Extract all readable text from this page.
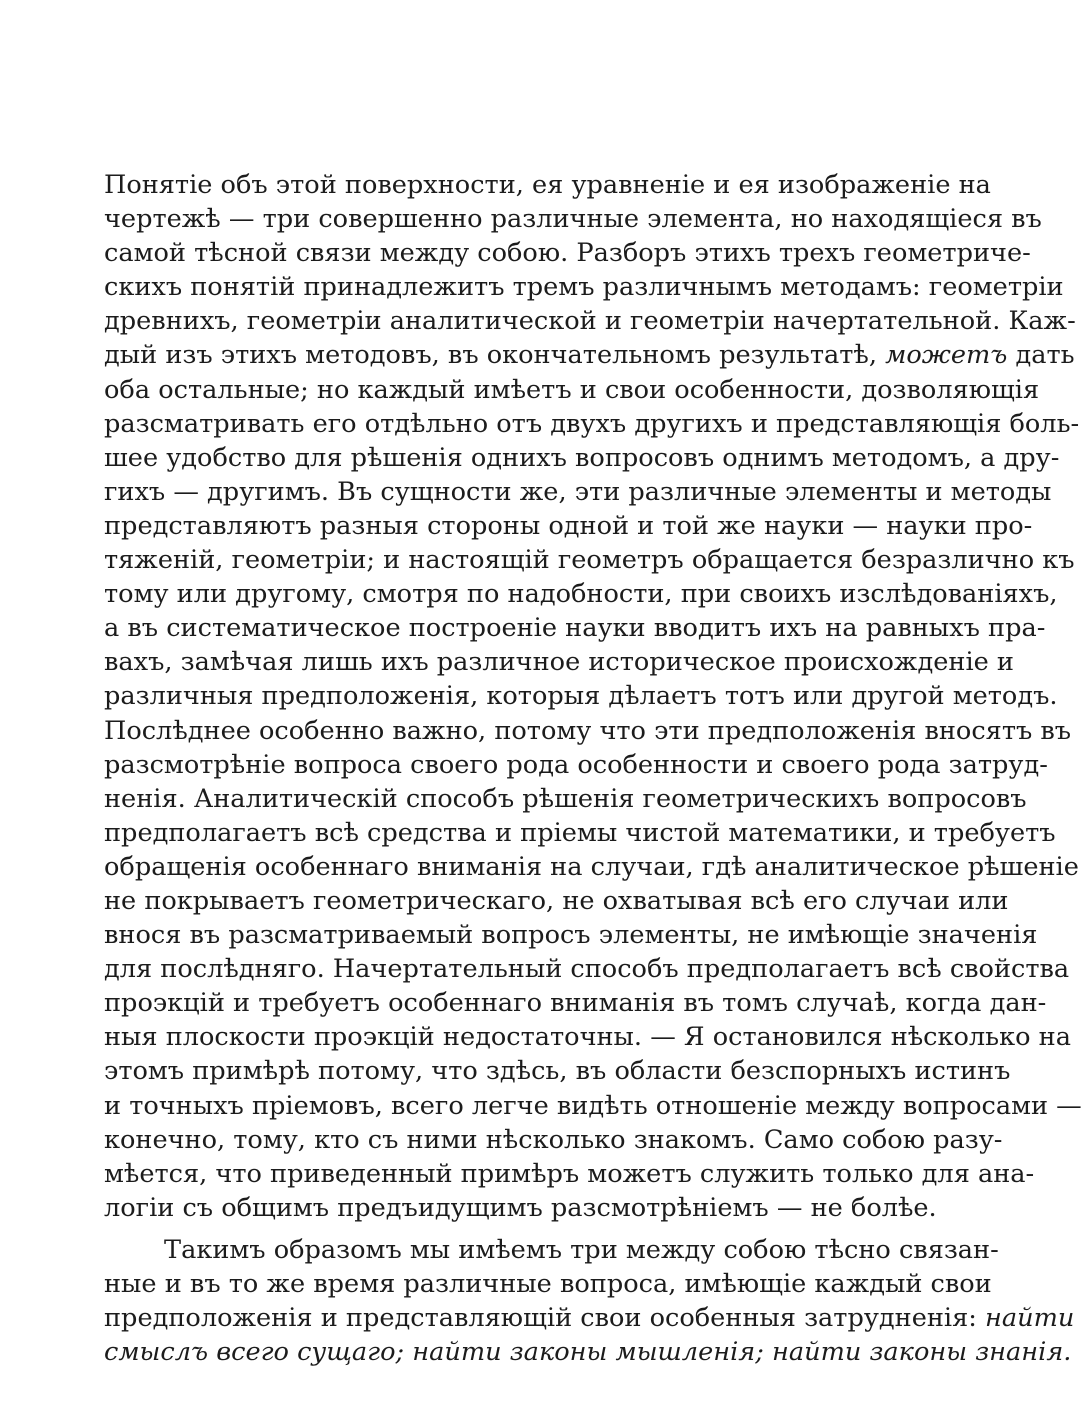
Понятіе объ этой поверхности, ея уравненіе и ея изображеніе на
чертежѣ — три совершенно различные элемента, но находящіеся въ
самой тѣсной связи между собою. Разборъ этихъ трехъ геометриче-
скихъ понятій принадлежитъ тремъ различнымъ методамъ: геометріи
древнихъ, геометріи аналитической и геометріи начертательной. Каж-
дый изъ этихъ методовъ, въ окончательномъ результатѣ, можетъ дать
оба остальные; но каждый имѣетъ и свои особенности, дозволяющія
разсматривать его отдѣльно отъ двухъ другихъ и представляющія боль-
шее удобство для рѣшенія однихъ вопросовъ однимъ методомъ, а дру-
гихъ — другимъ. Въ сущности же, эти различные элементы и методы
представляютъ разныя стороны одной и той же науки — науки про-
тяженій, геометріи; и настоящій геометръ обращается безразлично къ
тому или другому, смотря по надобности, при своихъ изслѣдованіяхъ,
а въ систематическое построеніе науки вводитъ ихъ на равныхъ пра-
вахъ, замѣчая лишь ихъ различное историческое происхожденіе и
различныя предположенія, которыя дѣлаетъ тотъ или другой методъ.
Послѣднее особенно важно, потому что эти предположенія вносятъ въ
разсмотрѣніе вопроса своего рода особенности и своего рода затруд-
ненія. Аналитическій способъ рѣшенія геометрическихъ вопросовъ
предполагаетъ всѣ средства и пріемы чистой математики, и требуетъ
обращенія особеннаго вниманія на случаи, гдѣ аналитическое рѣшеніе
не покрываетъ геометрическаго, не охватывая всѣ его случаи или
внося въ разсматриваемый вопросъ элементы, не имѣющіе значенія
для послѣдняго. Начертательный способъ предполагаетъ всѣ свойства
проэкцій и требуетъ особеннаго вниманія въ томъ случаѣ, когда дан-
ныя плоскости проэкцій недостаточны. — Я остановился нѣсколько на
этомъ примѣрѣ потому, что здѣсь, въ области безспорныхъ истинъ
и точныхъ пріемовъ, всего легче видѣть отношеніе между вопросами —
конечно, тому, кто съ ними нѣсколько знакомъ. Само собою разу-
мѣется, что приведенный примѣръ можетъ служить только для ана-
логіи съ общимъ предъидущимъ разсмотрѣніемъ — не болѣе.
Такимъ образомъ мы имѣемъ три между собою тѣсно связан-
ные и въ то же время различные вопроса, имѣющіе каждый свои
предположенія и представляющій свои особенныя затрудненія: найти
смыслъ всего сущаго; найти законы мышленія; найти законы знанія.
